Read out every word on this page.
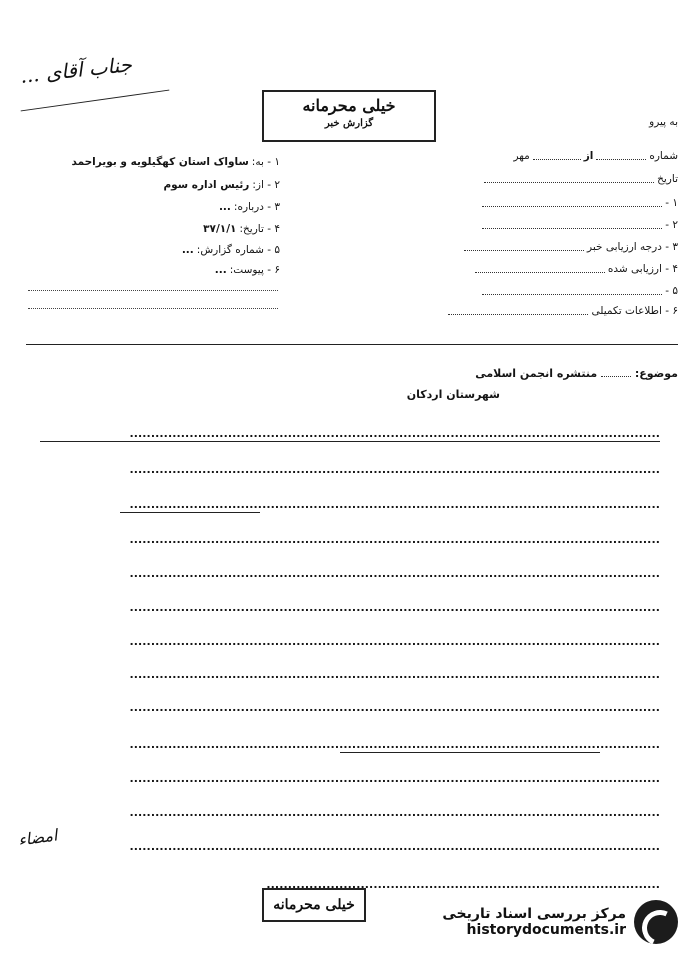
جناب آقای ...
خیلی محرمانه
گزارش خبر	به پیرو
شماره
از
مهر
تاریخ
۱ -
۲ -
۳ - درجه ارزیابی خبر
۴ - ارزیابی شده
۵ -
۶ - اطلاعات تکمیلی
۱ - به:
ساواک استان کهگیلویه و بویراحمد
۲ - از:
رئیس اداره سوم
۳ - درباره:
...
۴ - تاریخ:
۳۷/۱/۱
۵ - شماره گزارش:
...
۶ - پیوست:
...
موضوع:  منتشره انجمن اسلامی
شهرستان اردکان
............................................................................................................................
............................................................................................................................
............................................................................................................................
............................................................................................................................
............................................................................................................................
............................................................................................................................
............................................................................................................................
............................................................................................................................
............................................................................................................................
............................................................................................................................
............................................................................................................................
............................................................................................................................
............................................................................................................................
امضاء
............................................................................................
خیلی محرمانه
مرکز بررسی اسناد تاریخی
historydocuments.ir
